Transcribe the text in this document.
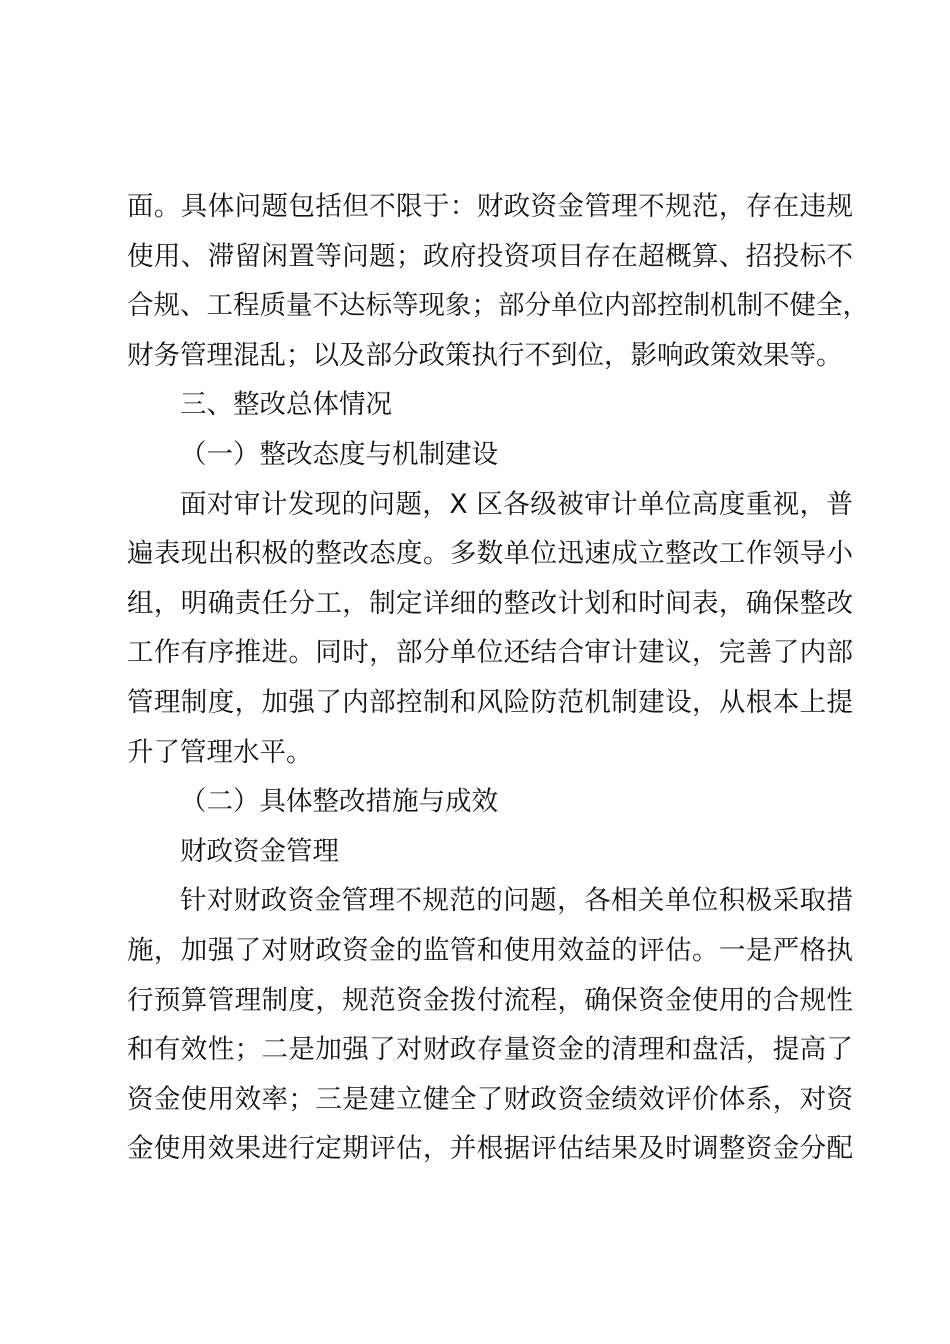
面。具体问题包括但不限于：财政资金管理不规范，存在违规
使用、滞留闲置等问题；政府投资项目存在超概算、招投标不
合规、工程质量不达标等现象；部分单位内部控制机制不健全，
财务管理混乱；以及部分政策执行不到位，影响政策效果等。
三、整改总体情况
（一）整改态度与机制建设
面对审计发现的问题，X 区各级被审计单位高度重视，普
遍表现出积极的整改态度。多数单位迅速成立整改工作领导小
组，明确责任分工，制定详细的整改计划和时间表，确保整改
工作有序推进。同时，部分单位还结合审计建议，完善了内部
管理制度，加强了内部控制和风险防范机制建设，从根本上提
升了管理水平。
（二）具体整改措施与成效
财政资金管理
针对财政资金管理不规范的问题，各相关单位积极采取措
施，加强了对财政资金的监管和使用效益的评估。一是严格执
行预算管理制度，规范资金拨付流程，确保资金使用的合规性
和有效性；二是加强了对财政存量资金的清理和盘活，提高了
资金使用效率；三是建立健全了财政资金绩效评价体系，对资
金使用效果进行定期评估，并根据评估结果及时调整资金分配
